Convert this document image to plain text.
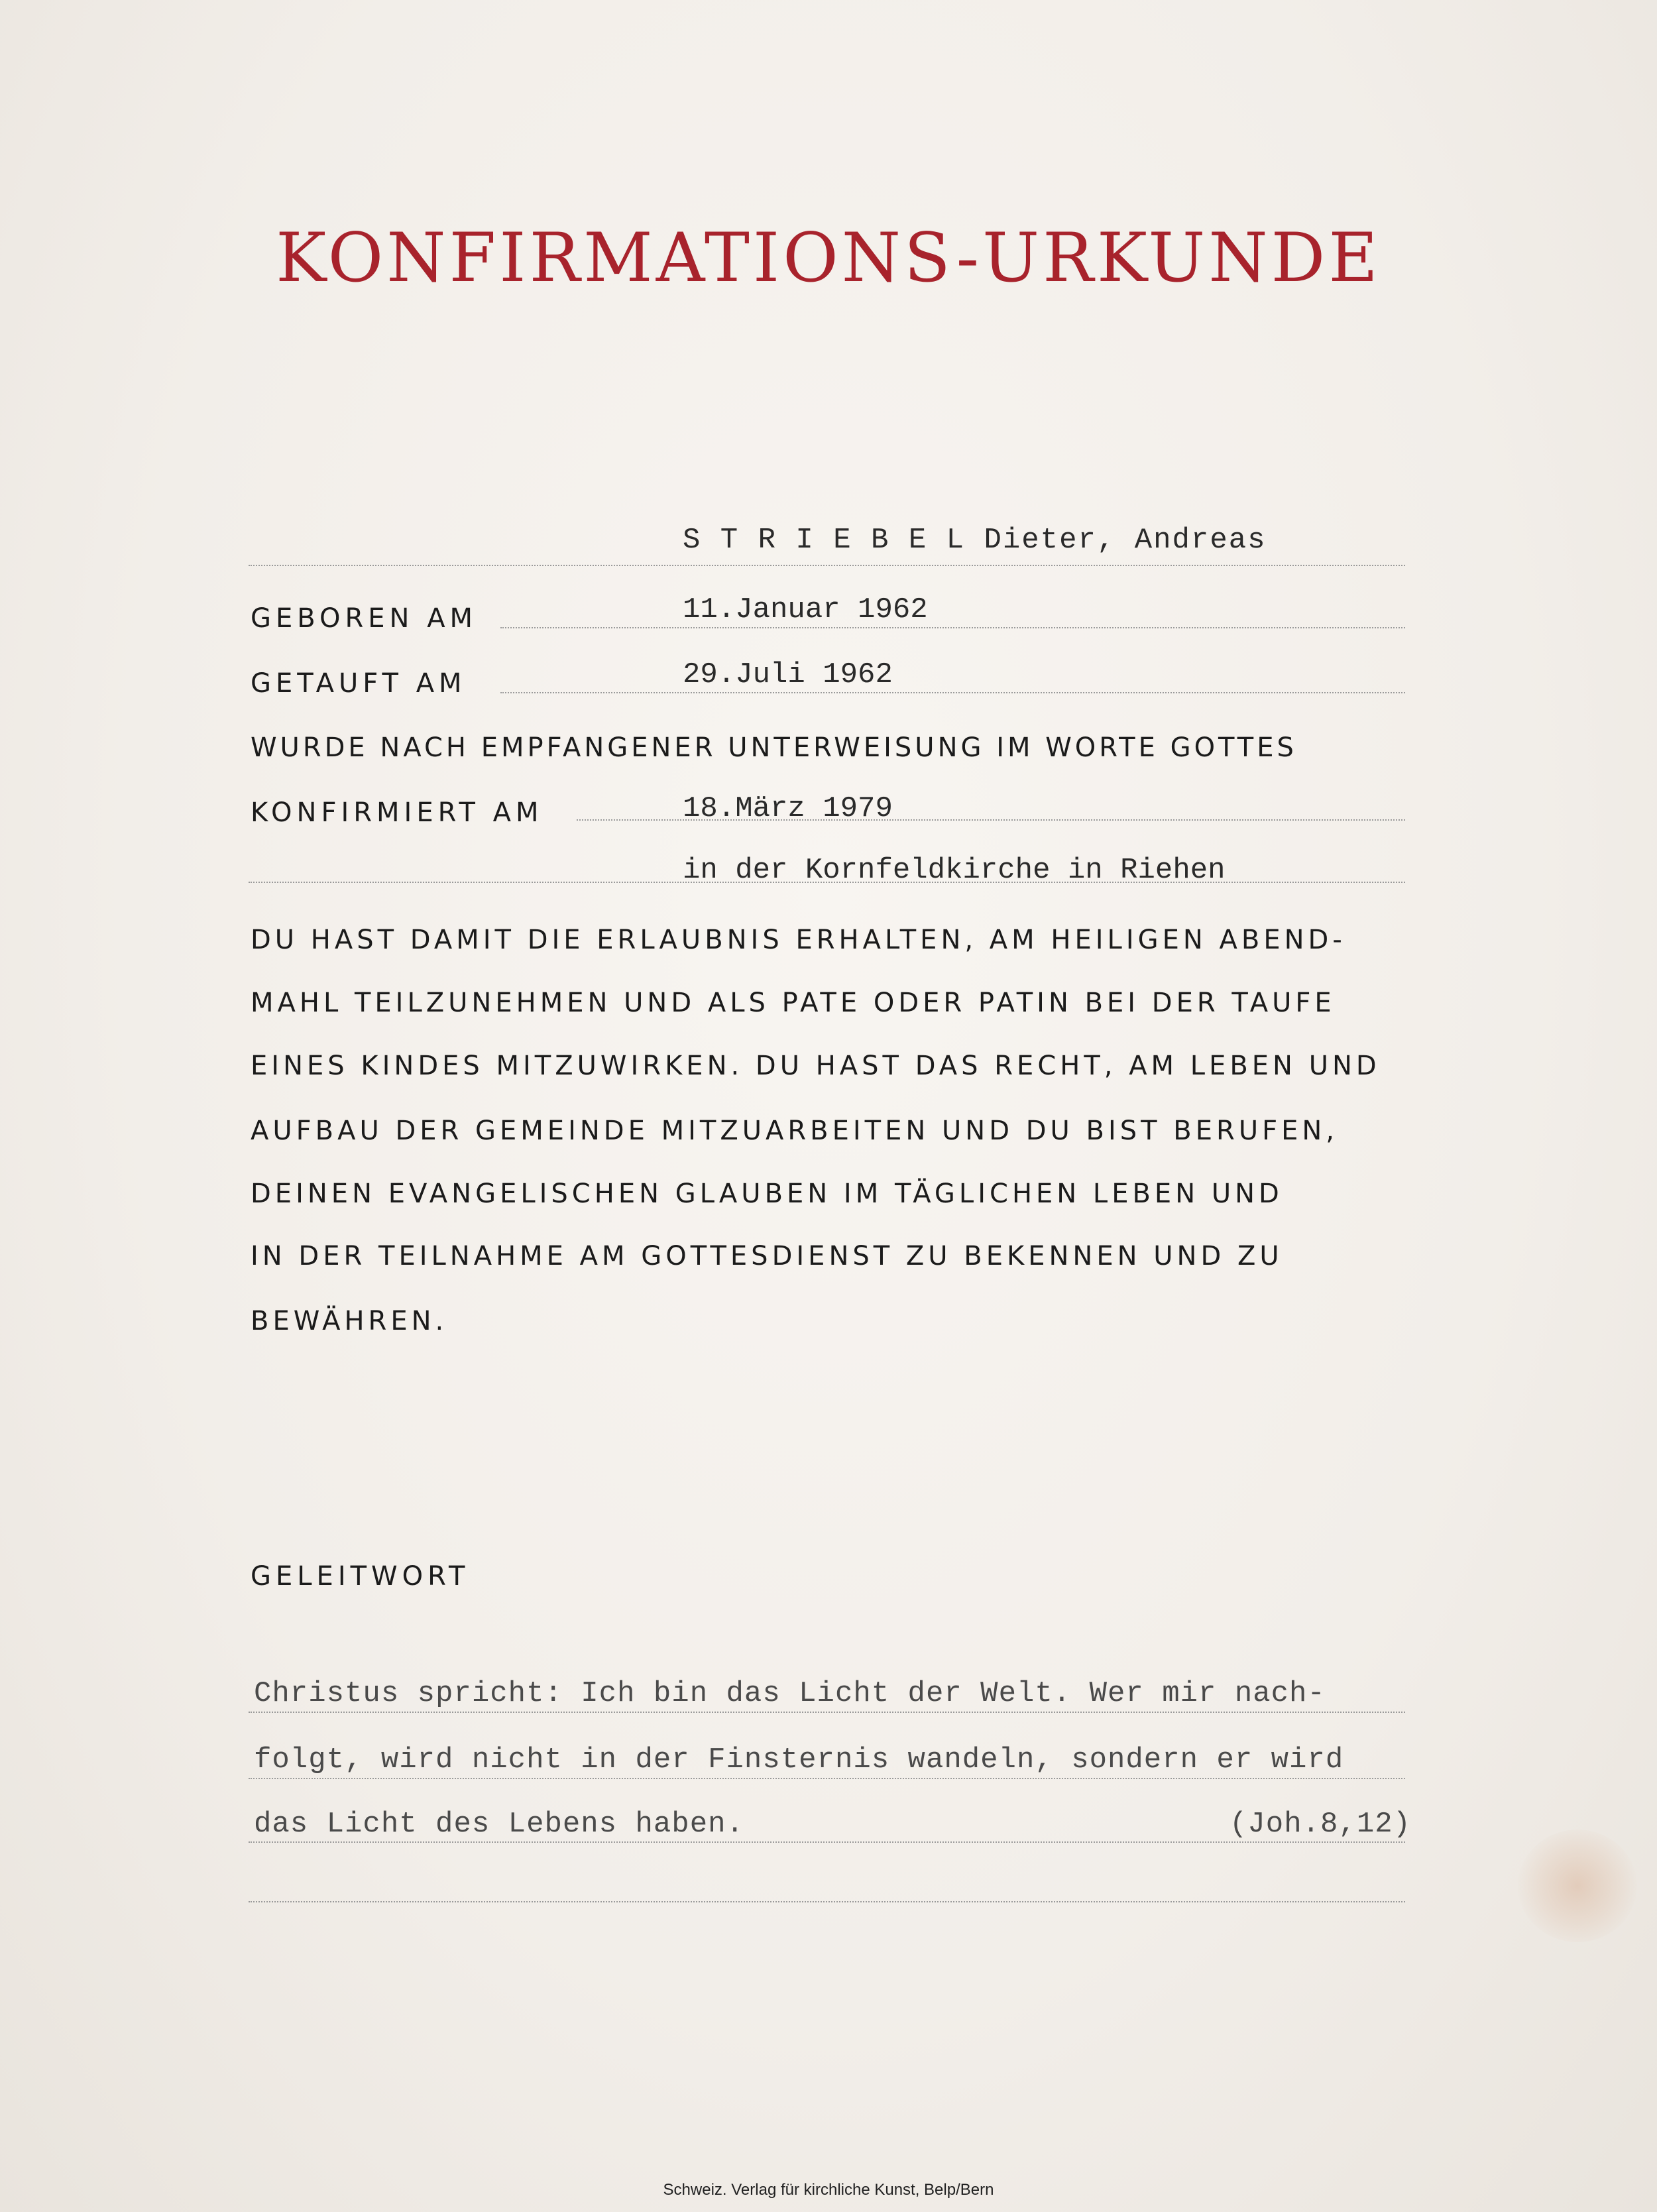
KONFIRMATIONS-URKUNDE
S T R I E B E L Dieter, Andreas
GEBOREN AM	11.Januar 1962
GETAUFT AM	29.Juli 1962
WURDE NACH EMPFANGENER UNTERWEISUNG IM WORTE GOTTES
KONFIRMIERT AM	18.März 1979
in der Kornfeldkirche in Riehen
DU HAST DAMIT DIE ERLAUBNIS ERHALTEN, AM HEILIGEN ABEND-
MAHL TEILZUNEHMEN UND ALS PATE ODER PATIN BEI DER TAUFE
EINES KINDES MITZUWIRKEN. DU HAST DAS RECHT, AM LEBEN UND
AUFBAU DER GEMEINDE MITZUARBEITEN UND DU BIST BERUFEN,
DEINEN EVANGELISCHEN GLAUBEN IM TÄGLICHEN LEBEN UND
IN DER TEILNAHME AM GOTTESDIENST ZU BEKENNEN UND ZU
BEWÄHREN.
GELEITWORT
Christus spricht: Ich bin das Licht der Welt. Wer mir nach-
folgt, wird nicht in der Finsternis wandeln, sondern er wird
das Licht des Lebens haben.	(Joh.8,12)
Schweiz. Verlag für kirchliche Kunst, Belp/Bern
